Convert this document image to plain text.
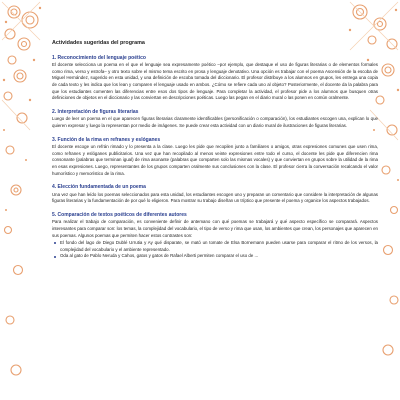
Actividades sugeridas del programa
1. Reconocimiento del lenguaje poético
El docente selecciona un poema en el que el lenguaje sea expresamente poético –por ejemplo, que destaque el uso de figuras literarias o de elementos formales como rima, verso y estrofa– y otro texto sobre el mismo tema escrito en prosa y lenguaje denotativo. Una opción es trabajar con el poema Ascensión de la escoba de Miguel Hernández, sugerido en esta unidad, y una definición de escoba tomada del diccionario. El profesor distribuye a los alumnos en grupos, les entrega una copia de cada texto y les indica que los lean y comparen el lenguaje usado en ambos. ¿Cómo se refiere cada uno al objeto? Posteriormente, el docente da la palabra para que los estudiantes comenten las diferencias entre esos dos tipos de lenguaje. Para completar la actividad, el profesor pide a los alumnos que busquen otras definiciones de objetos en el diccionario y las conviertan en descripciones poéticas. Luego las pegan en el diario mural o las ponen en común oralmente.
2. Interpretación de figuras literarias
Luego de leer un poema en el que aparecen figuras literarias claramente identificables (personificación o comparación), los estudiantes escogen una, explican lo que quieren expresar y luego la representan por medio de imágenes. Se puede crear esta actividad con un diario mural de ilustraciones de figuras literarias.
3. Función de la rima en refranes y eslóganes
El docente escoge un refrán rimado y lo presenta a la clase. Luego les pide que recopilen junto a familiares o amigos, otras expresiones comunes que usen rima, como refranes y eslóganes publicitarios. Una vez que han recopilado al menos veinte expresiones entre todo el curso, el docente les pide que diferencien rima consonante (palabras que terminan igual) de rima asonante (palabras que comparten solo las mismas vocales) y que conviertan en grupos sobre la utilidad de la rima en esas expresiones. Luego, representantes de los grupos comparten oralmente sus conclusiones con la clase. El profesor cierra la conversación recalcando el valor humorístico y memorístico de la rima.
4. Elección fundamentada de un poema
Una vez que han leído los poemas seleccionados para esta unidad, los estudiantes escogen uno y preparan un comentario que considere la interpretación de algunas figuras literarias y la fundamentación de por qué lo eligieron. Para mostrar su trabajo diseñan un tríptico que presente el poema y organice los aspectos trabajados.
5. Comparación de textos poéticos de diferentes autores
Para realizar el trabajo de comparación, es conveniente definir de antemano con qué poemas se trabajará y qué aspecto específico se comparará. Aspectos interesantes para comparar son: los temas, la complejidad del vocabulario, el tipo de verso y rima que usan, los ambientes que crean, los personajes que aparecen en sus poemas. Algunos poemas que permiten hacer estos contrastes son:
El fondo del lago de Diego Dublé Urrutia y Ay qué disparate, se mató un tomate de Elsa Bornemann pueden usarse para comparar el ritmo de los versos, la complejidad del vocabulario y el ambiente representado.
Oda al gato de Pablo Neruda y Cahos, gatos y gatos de Rafael Alberti permiten comparar el uso de ...
